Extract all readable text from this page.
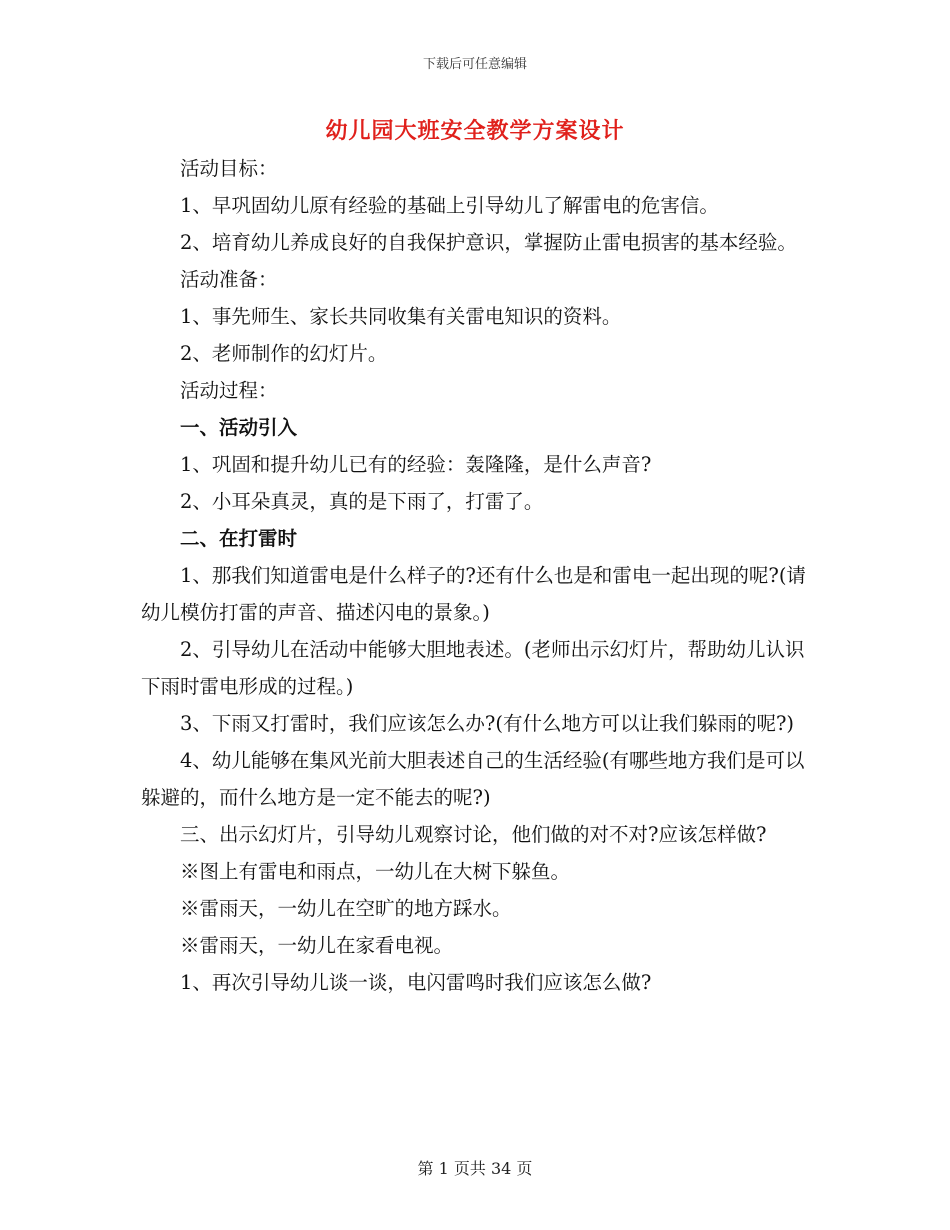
下载后可任意编辑
幼儿园大班安全教学方案设计

活动目标：

1、早巩固幼儿原有经验的基础上引导幼儿了解雷电的危害信。

2、培育幼儿养成良好的自我保护意识，掌握防止雷电损害的基本经验。

活动准备：

1、事先师生、家长共同收集有关雷电知识的资料。

2、老师制作的幻灯片。

活动过程：

一、活动引入

1、巩固和提升幼儿已有的经验：轰隆隆，是什么声音?

2、小耳朵真灵，真的是下雨了，打雷了。

二、在打雷时

1、那我们知道雷电是什么样子的?还有什么也是和雷电一起出现的呢?(请幼儿模仿打雷的声音、描述闪电的景象。)

2、引导幼儿在活动中能够大胆地表述。(老师出示幻灯片，帮助幼儿认识下雨时雷电形成的过程。)

3、下雨又打雷时，我们应该怎么办?(有什么地方可以让我们躲雨的呢?)

4、幼儿能够在集风光前大胆表述自己的生活经验(有哪些地方我们是可以躲避的，而什么地方是一定不能去的呢?)

三、出示幻灯片，引导幼儿观察讨论，他们做的对不对?应该怎样做?

※图上有雷电和雨点，一幼儿在大树下躲鱼。

※雷雨天，一幼儿在空旷的地方踩水。

※雷雨天，一幼儿在家看电视。

1、再次引导幼儿谈一谈，电闪雷鸣时我们应该怎么做?

第 1 页共 34 页
